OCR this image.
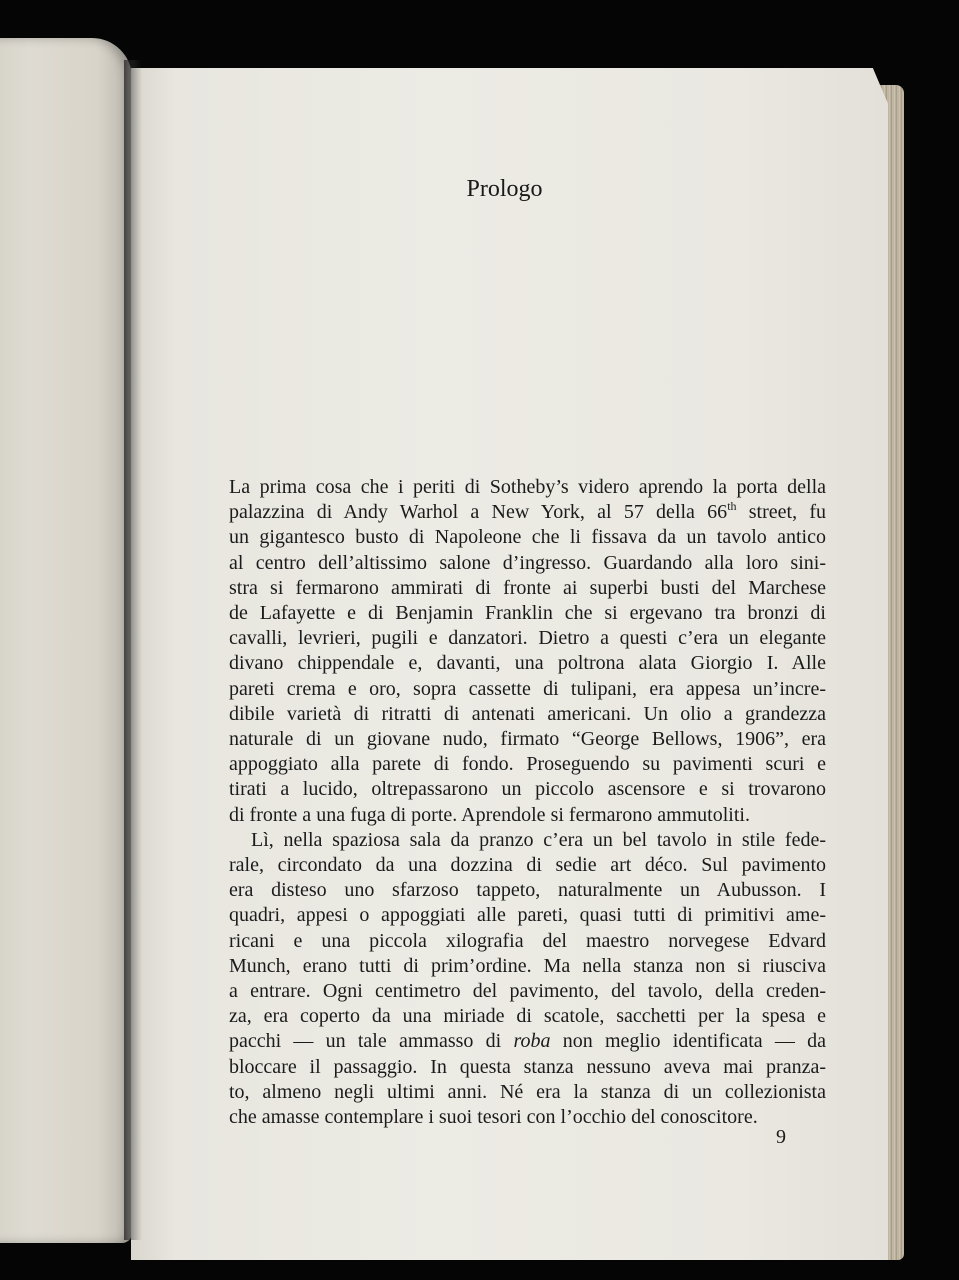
Prologo

La prima cosa che i periti di Sotheby’s videro aprendo la porta della
palazzina di Andy Warhol a New York, al 57 della 66th street, fu
un gigantesco busto di Napoleone che li fissava da un tavolo antico
al centro dell’altissimo salone d’ingresso. Guardando alla loro sini-
stra si fermarono ammirati di fronte ai superbi busti del Marchese
de Lafayette e di Benjamin Franklin che si ergevano tra bronzi di
cavalli, levrieri, pugili e danzatori. Dietro a questi c’era un elegante
divano chippendale e, davanti, una poltrona alata Giorgio I. Alle
pareti crema e oro, sopra cassette di tulipani, era appesa un’incre-
dibile varietà di ritratti di antenati americani. Un olio a grandezza
naturale di un giovane nudo, firmato “George Bellows, 1906”, era
appoggiato alla parete di fondo. Proseguendo su pavimenti scuri e
tirati a lucido, oltrepassarono un piccolo ascensore e si trovarono
di fronte a una fuga di porte. Aprendole si fermarono ammutoliti.

Lì, nella spaziosa sala da pranzo c’era un bel tavolo in stile fede-
rale, circondato da una dozzina di sedie art déco. Sul pavimento
era disteso uno sfarzoso tappeto, naturalmente un Aubusson. I
quadri, appesi o appoggiati alle pareti, quasi tutti di primitivi ame-
ricani e una piccola xilografia del maestro norvegese Edvard
Munch, erano tutti di prim’ordine. Ma nella stanza non si riusciva
a entrare. Ogni centimetro del pavimento, del tavolo, della creden-
za, era coperto da una miriade di scatole, sacchetti per la spesa e
pacchi — un tale ammasso di roba non meglio identificata — da
bloccare il passaggio. In questa stanza nessuno aveva mai pranza-
to, almeno negli ultimi anni. Né era la stanza di un collezionista
che amasse contemplare i suoi tesori con l’occhio del conoscitore.

9
